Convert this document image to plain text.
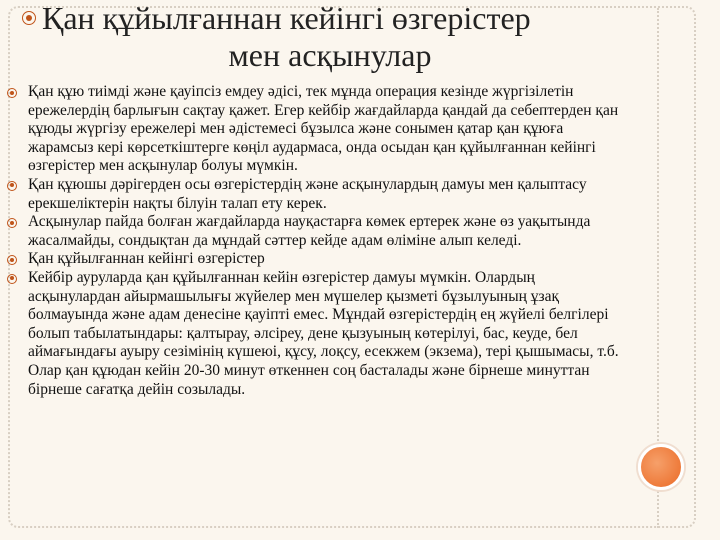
Қан құйылғаннан кейінгі өзгерістер
мен асқынулар
Қан құю тиімді және қауіпсіз емдеу әдісі, тек мұнда операция кезінде жүргізілетін ережелердің барлығын сақтау қажет. Егер кейбір жағдайларда қандай да себептерден қан құюды жүргізу ережелері мен әдістемесі бұзылса және сонымен қатар қан құюға жарамсыз кері көрсеткіштерге көңіл аудармаса, онда осыдан қан құйылғаннан кейінгі өзгерістер мен асқынулар болуы мүмкін.
Қан құюшы дәрігерден осы өзгерістердің және асқынулардың дамуы мен қалыптасу ерекшеліктерін нақты білуін талап ету керек.
Асқынулар пайда болған жағдайларда науқастарға көмек ертерек және өз уақытында жасалмайды, сондықтан да мұндай сәттер кейде адам өліміне алып келеді.
Қан құйылғаннан кейінгі өзгерістер
Кейбір ауруларда қан құйылғаннан кейін өзгерістер дамуы мүмкін. Олардың асқынулардан айырмашылығы жүйелер мен мүшелер қызметі бұзылуының ұзақ болмауында және адам денесіне қауіпті емес. Мұндай өзгерістердің ең жүйелі белгілері болып табылатындары: қалтырау, әлсіреу, дене қызуының көтерілуі, бас, кеуде, бел аймағындағы ауыру сезімінің күшеюі, құсу, лоқсу, есекжем (экзема), тері қышымасы, т.б. Олар қан құюдан кейін 20-30 минут өткеннен соң басталады және бірнеше минуттан бірнеше сағатқа дейін созылады.
